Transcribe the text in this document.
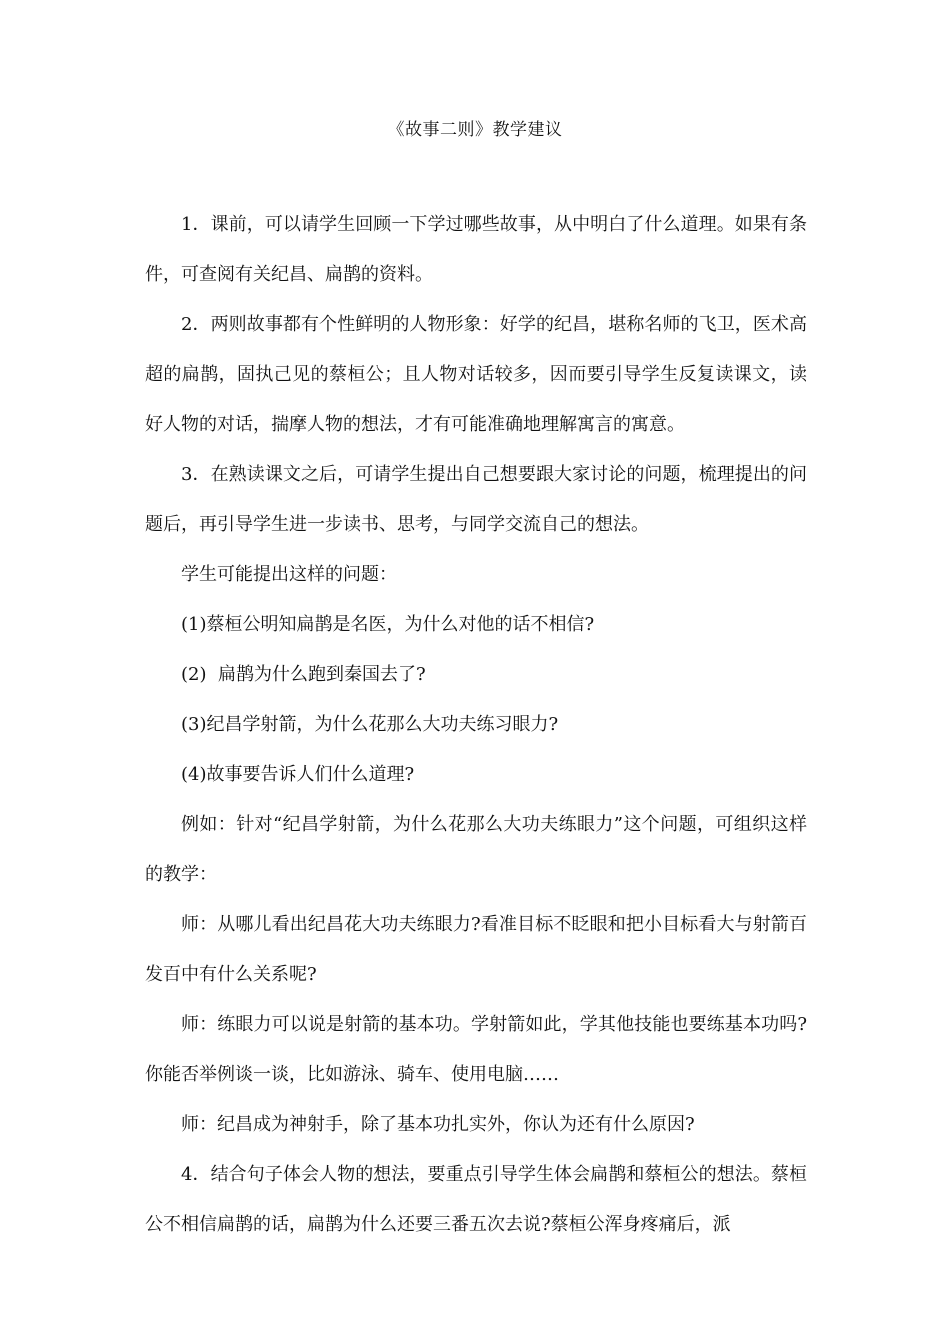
《故事二则》教学建议

1．课前，可以请学生回顾一下学过哪些故事，从中明白了什么道理。如果有条件，可查阅有关纪昌、扁鹊的资料。

2．两则故事都有个性鲜明的人物形象：好学的纪昌，堪称名师的飞卫，医术高超的扁鹊，固执己见的蔡桓公；且人物对话较多，因而要引导学生反复读课文，读好人物的对话，揣摩人物的想法，才有可能准确地理解寓言的寓意。

3．在熟读课文之后，可请学生提出自己想要跟大家讨论的问题，梳理提出的问题后，再引导学生进一步读书、思考，与同学交流自己的想法。

学生可能提出这样的问题：

(1)蔡桓公明知扁鹊是名医，为什么对他的话不相信?

(2)  扁鹊为什么跑到秦国去了?

(3)纪昌学射箭，为什么花那么大功夫练习眼力?

(4)故事要告诉人们什么道理?

例如：针对“纪昌学射箭，为什么花那么大功夫练眼力”这个问题，可组织这样的教学：

师：从哪儿看出纪昌花大功夫练眼力?看准目标不眨眼和把小目标看大与射箭百发百中有什么关系呢?

师：练眼力可以说是射箭的基本功。学射箭如此，学其他技能也要练基本功吗?你能否举例谈一谈，比如游泳、骑车、使用电脑……

师：纪昌成为神射手，除了基本功扎实外，你认为还有什么原因?

4．结合句子体会人物的想法，要重点引导学生体会扁鹊和蔡桓公的想法。蔡桓公不相信扁鹊的话，扁鹊为什么还要三番五次去说?蔡桓公浑身疼痛后，派
